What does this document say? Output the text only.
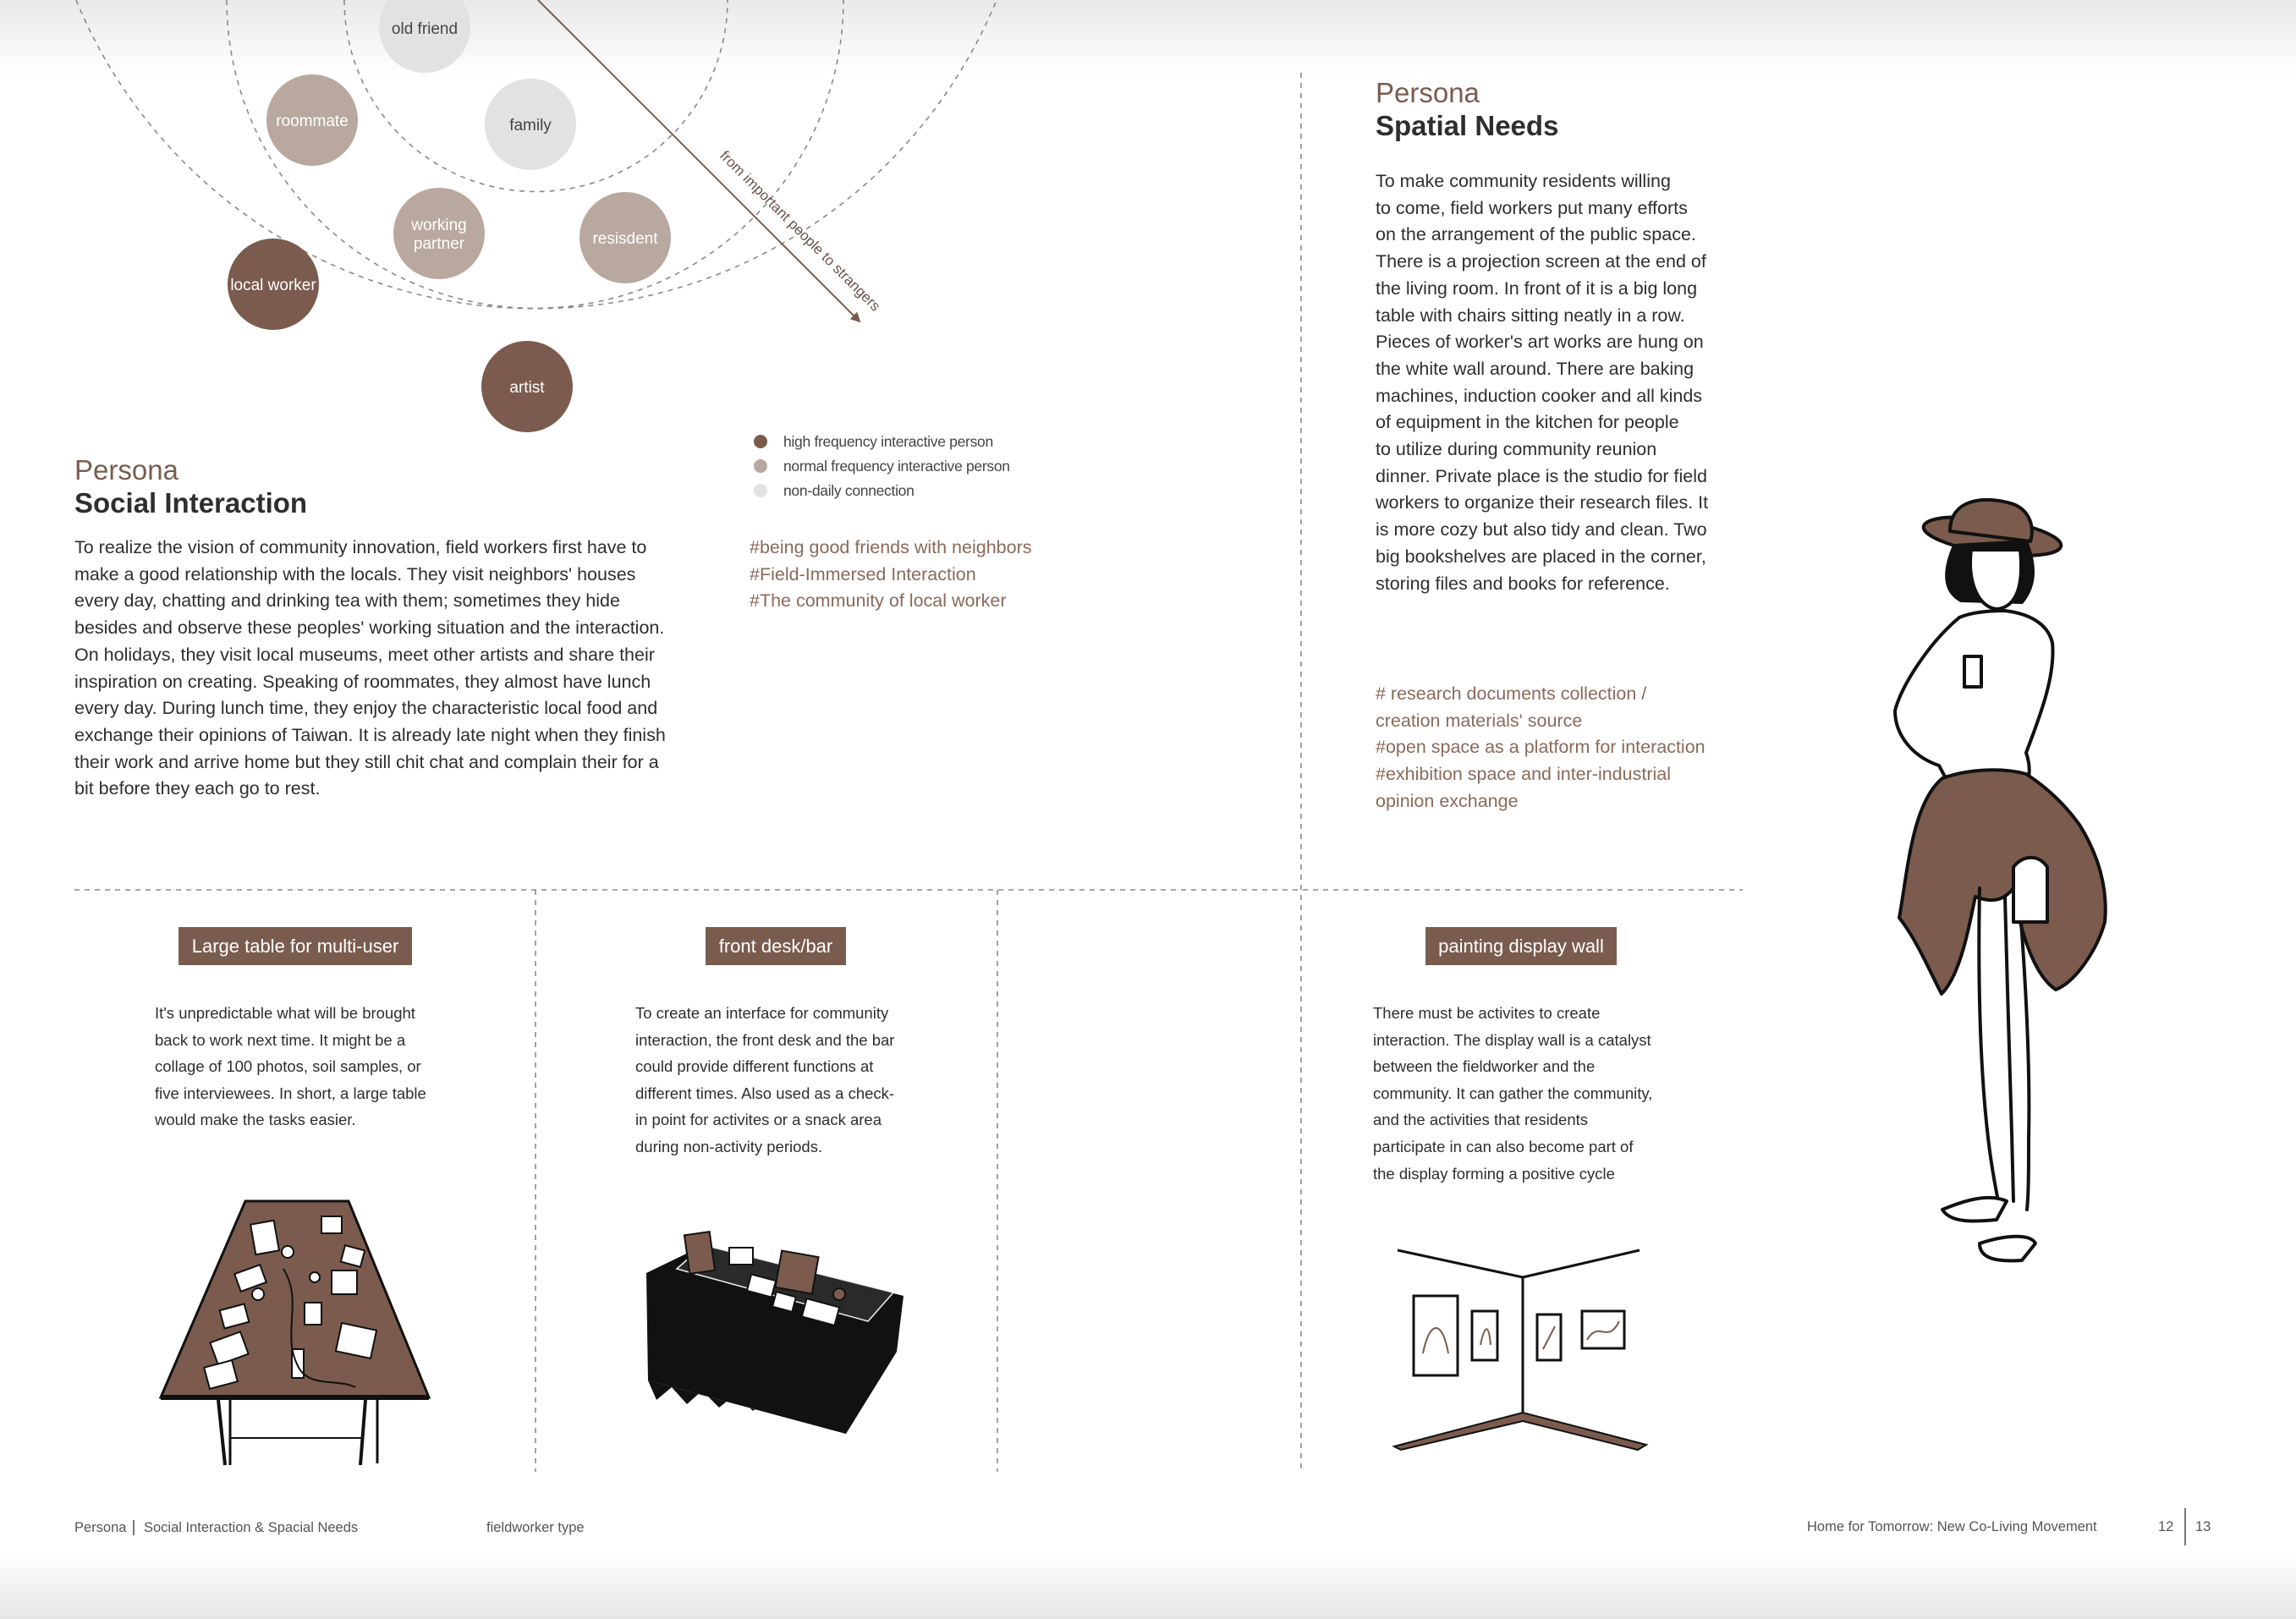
from important people to strangers
old friend
roommate	family
working
partner	resisdent
local worker
artist
high frequency interactive person
normal frequency interactive person
non-daily connection
Persona
Social Interaction
To realize the vision of community innovation, field workers first have to
make a good relationship with the locals. They visit neighbors' houses
every day, chatting and drinking tea with them; sometimes they hide
besides and observe these peoples' working situation and the interaction.
On holidays, they visit local museums, meet other artists and share their
inspiration on creating. Speaking of roommates, they almost have lunch
every day. During lunch time, they enjoy the characteristic local food and
exchange their opinions of Taiwan. It is already late night when they finish
their work and arrive home but they still chit chat and complain their for a
bit before they each go to rest.
#being good friends with neighbors
#Field-Immersed Interaction
#The community of local worker
Persona
Spatial Needs
To make community residents willing
to come, field workers put many efforts
on the arrangement of the public space.
There is a projection screen at the end of
the living room. In front of it is a big long
table with chairs sitting neatly in a row.
Pieces of worker's art works are hung on
the white wall around. There are baking
machines, induction cooker and all kinds
of equipment in the kitchen for people
to utilize during community reunion
dinner. Private place is the studio for field
workers to organize their research files. It
is more cozy but also tidy and clean. Two
big bookshelves are placed in the corner,
storing files and books for reference.
# research documents collection /
creation materials' source
#open space as a platform for interaction
#exhibition space and inter-industrial
opinion exchange
Large table for multi-user
It's unpredictable what will be brought
back to work next time. It might be a
collage of 100 photos, soil samples, or
five interviewees. In short, a large table
would make the tasks easier.
front desk/bar
To create an interface for community
interaction, the front desk and the bar
could provide different functions at
different times. Also used as a check-
in point for activites or a snack area
during non-activity periods.
painting display wall
There must be activites to create
interaction. The display wall is a catalyst
between the fieldworker and the
community. It can gather the community,
and the activities that residents
participate in can also become part of
the display forming a positive cycle
Persona Social Interaction & Spacial Needs	fieldworker type	Home for Tomorrow: New Co-Living Movement	12 13
